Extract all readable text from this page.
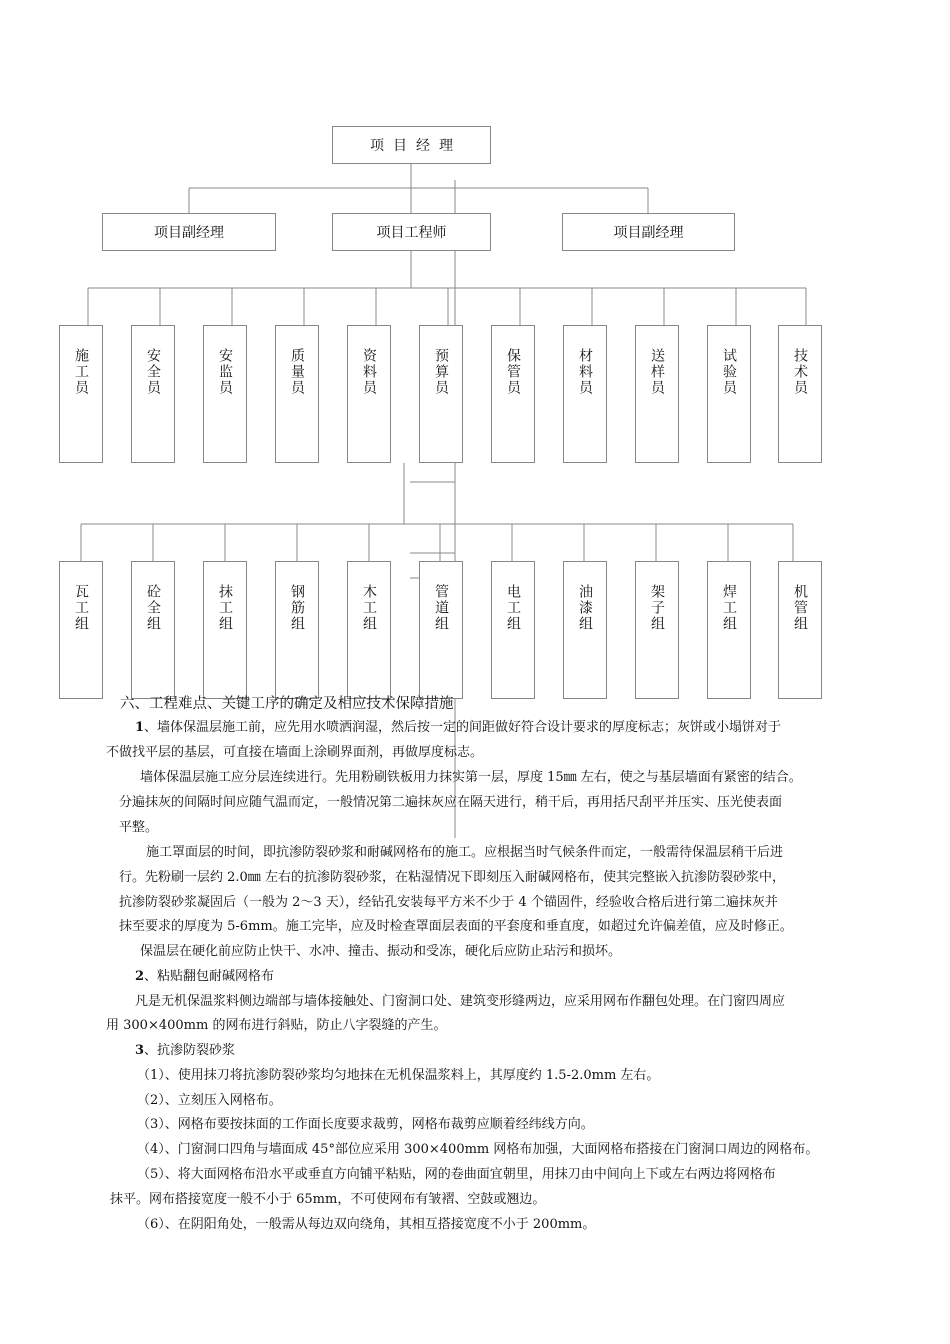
项目经理
项目副经理	项目工程师	项目副经理
施工员	安全员	安监员	质量员	资料员	预算员	保管员	材料员	送样员	试验员	技术员
瓦工组	砼全组	抹工组	钢筋组	木工组	管道组	电工组	油漆组	架子组	焊工组	机管组
六、工程难点、关键工序的确定及相应技术保障措施
1、墙体保温层施工前，应先用水喷洒润湿，然后按一定的间距做好符合设计要求的厚度标志；灰饼或小塌饼对于
不做找平层的基层，可直接在墙面上涂刷界面剂，再做厚度标志。
墙体保温层施工应分层连续进行。先用粉刷铁板用力抹实第一层，厚度 15㎜ 左右，使之与基层墙面有紧密的结合。
分遍抹灰的间隔时间应随气温而定，一般情况第二遍抹灰应在隔天进行，稍干后，再用括尺刮平并压实、压光使表面
平整。
施工罩面层的时间，即抗渗防裂砂浆和耐碱网格布的施工。应根据当时气候条件而定，一般需待保温层稍干后进
行。先粉刷一层约 2.0㎜ 左右的抗渗防裂砂浆，在粘湿情况下即刻压入耐碱网格布，使其完整嵌入抗渗防裂砂浆中，
抗渗防裂砂浆凝固后（一般为 2～3 天），经钻孔安装每平方米不少于 4 个锚固件，经验收合格后进行第二遍抹灰并
抹至要求的厚度为 5-6mm。施工完毕，应及时检查罩面层表面的平套度和垂直度，如超过允许偏差值，应及时修正。
保温层在硬化前应防止快干、水冲、撞击、振动和受冻，硬化后应防止玷污和损坏。
2、粘贴翻包耐碱网格布
凡是无机保温浆料侧边端部与墙体接触处、门窗洞口处、建筑变形缝两边，应采用网布作翻包处理。在门窗四周应
用 300×400mm 的网布进行斜贴，防止八字裂缝的产生。
3、抗渗防裂砂浆
（1）、使用抹刀将抗渗防裂砂浆均匀地抹在无机保温浆料上，其厚度约 1.5-2.0mm 左右。
（2）、立刻压入网格布。
（3）、网格布要按抹面的工作面长度要求裁剪，网格布裁剪应顺着经纬线方向。
（4）、门窗洞口四角与墙面成 45°部位应采用 300×400mm 网格布加强，大面网格布搭接在门窗洞口周边的网格布。
（5）、将大面网格布沿水平或垂直方向铺平粘贴，网的卷曲面宜朝里，用抹刀由中间向上下或左右两边将网格布
抹平。网布搭接宽度一般不小于 65mm，不可使网布有皱褶、空鼓或翘边。
（6）、在阴阳角处，一般需从每边双向绕角，其相互搭接宽度不小于 200mm。
